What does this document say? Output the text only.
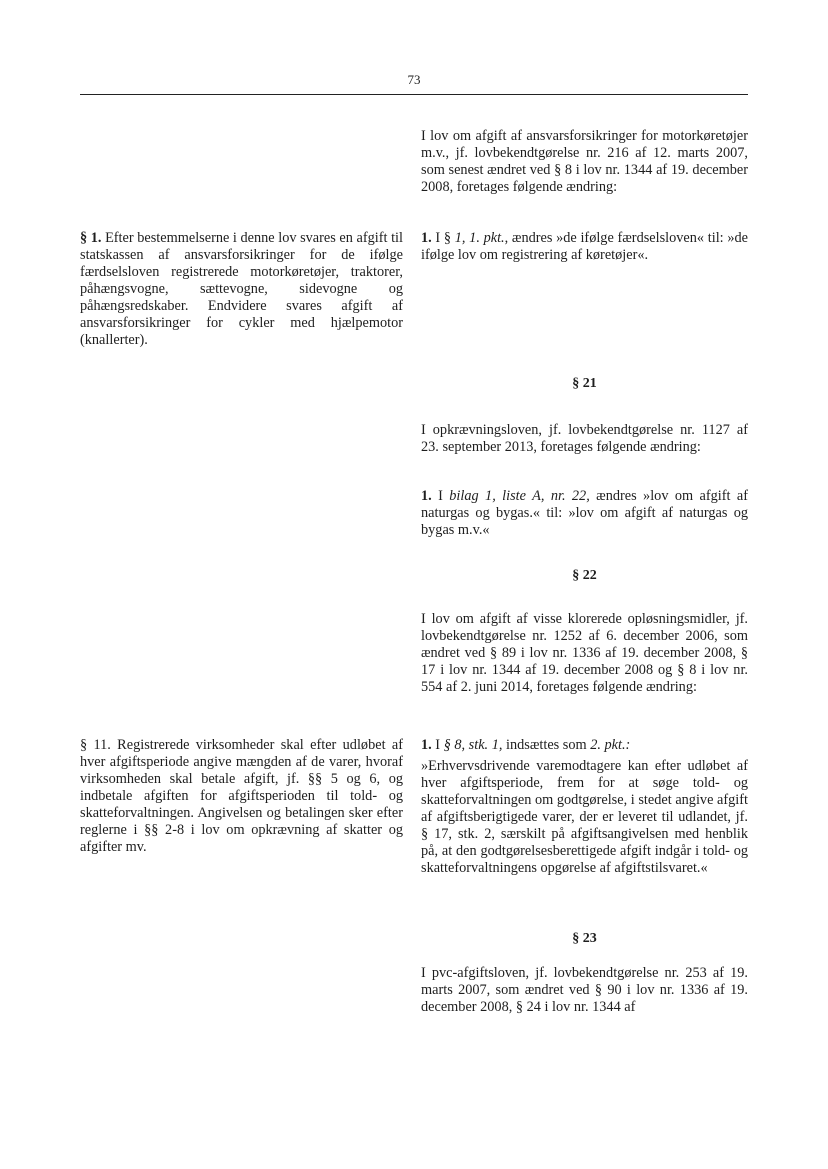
73

§ 1. Efter bestemmelserne i denne lov svares en afgift til statskassen af ansvarsforsikringer for de ifølge færdselsloven registrerede motorkøretøjer, traktorer, påhængsvogne, sættevogne, sidevogne og påhængsredskaber. Endvidere svares afgift af ansvarsforsikringer for cykler med hjælpemotor (knallerter).

§ 11. Registrerede virksomheder skal efter udløbet af hver afgiftsperiode angive mængden af de varer, hvoraf virksomheden skal betale afgift, jf. §§ 5 og 6, og indbetale afgiften for afgiftsperioden til told- og skatteforvaltningen. Angivelsen og betalingen sker efter reglerne i §§ 2-8 i lov om opkrævning af skatter og afgifter mv.

I lov om afgift af ansvarsforsikringer for motorkøretøjer m.v., jf. lovbekendtgørelse nr. 216 af 12. marts 2007, som senest ændret ved § 8 i lov nr. 1344 af 19. december 2008, foretages følgende ændring:

1. I § 1, 1. pkt., ændres »de ifølge færdselsloven« til: »de ifølge lov om registrering af køretøjer«.

§ 21

I opkrævningsloven, jf. lovbekendtgørelse nr. 1127 af 23. september 2013, foretages følgende ændring:

1. I bilag 1, liste A, nr. 22, ændres »lov om afgift af naturgas og bygas.« til: »lov om afgift af naturgas og bygas m.v.«

§ 22

I lov om afgift af visse klorerede opløsningsmidler, jf. lovbekendtgørelse nr. 1252 af 6. december 2006, som ændret ved § 89 i lov nr. 1336 af 19. december 2008, § 17 i lov nr. 1344 af 19. december 2008 og § 8 i lov nr. 554 af 2. juni 2014, foretages følgende ændring:

1. I § 8, stk. 1, indsættes som 2. pkt.:

»Erhvervsdrivende varemodtagere kan efter udløbet af hver afgiftsperiode, frem for at søge told- og skatteforvaltningen om godtgørelse, i stedet angive afgift af afgiftsberigtigede varer, der er leveret til udlandet, jf. § 17, stk. 2, særskilt på afgiftsangivelsen med henblik på, at den godtgørelsesberettigede afgift indgår i told- og skatteforvaltningens opgørelse af afgiftstilsvaret.«

§ 23

I pvc-afgiftsloven, jf. lovbekendtgørelse nr. 253 af 19. marts 2007, som ændret ved § 90 i lov nr. 1336 af 19. december 2008, § 24 i lov nr. 1344 af
